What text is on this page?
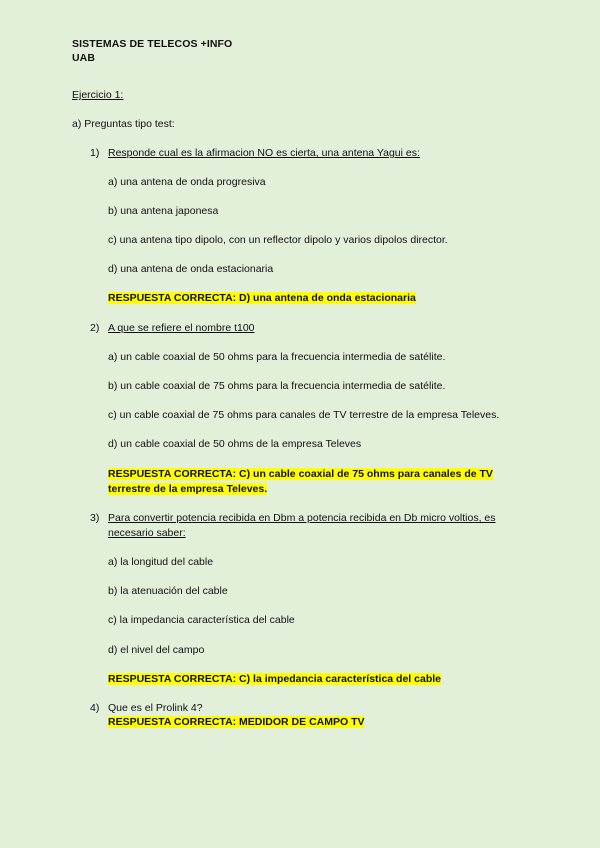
SISTEMAS DE TELECOS +INFO
UAB
Ejercicio 1:
a) Preguntas tipo test:
1) Responde cual es la afirmacion NO es cierta, una antena Yagui es:
a) una antena de onda progresiva
b) una antena japonesa
c) una antena tipo dipolo, con un reflector dipolo y varios dipolos director.
d) una antena de onda estacionaria
RESPUESTA CORRECTA: D) una antena de onda estacionaria
2) A que se refiere el nombre t100
a) un cable coaxial de 50 ohms para la frecuencia intermedia de satélite.
b) un cable coaxial de 75 ohms para la frecuencia intermedia de satélite.
c) un cable coaxial de 75 ohms para canales de TV terrestre de la empresa Televes.
d) un cable coaxial de 50 ohms de la empresa Televes
RESPUESTA CORRECTA: C) un cable coaxial de 75 ohms para canales de TV
terrestre de la empresa Televes.
3) Para convertir potencia recibida en Dbm a potencia recibida en Db micro voltios, es
necesario saber:
a) la longitud del cable
b) la atenuación del cable
c) la impedancia característica del cable
d) el nivel del campo
RESPUESTA CORRECTA: C) la impedancia característica del cable
4) Que es el Prolink 4?
RESPUESTA CORRECTA: MEDIDOR DE CAMPO TV
